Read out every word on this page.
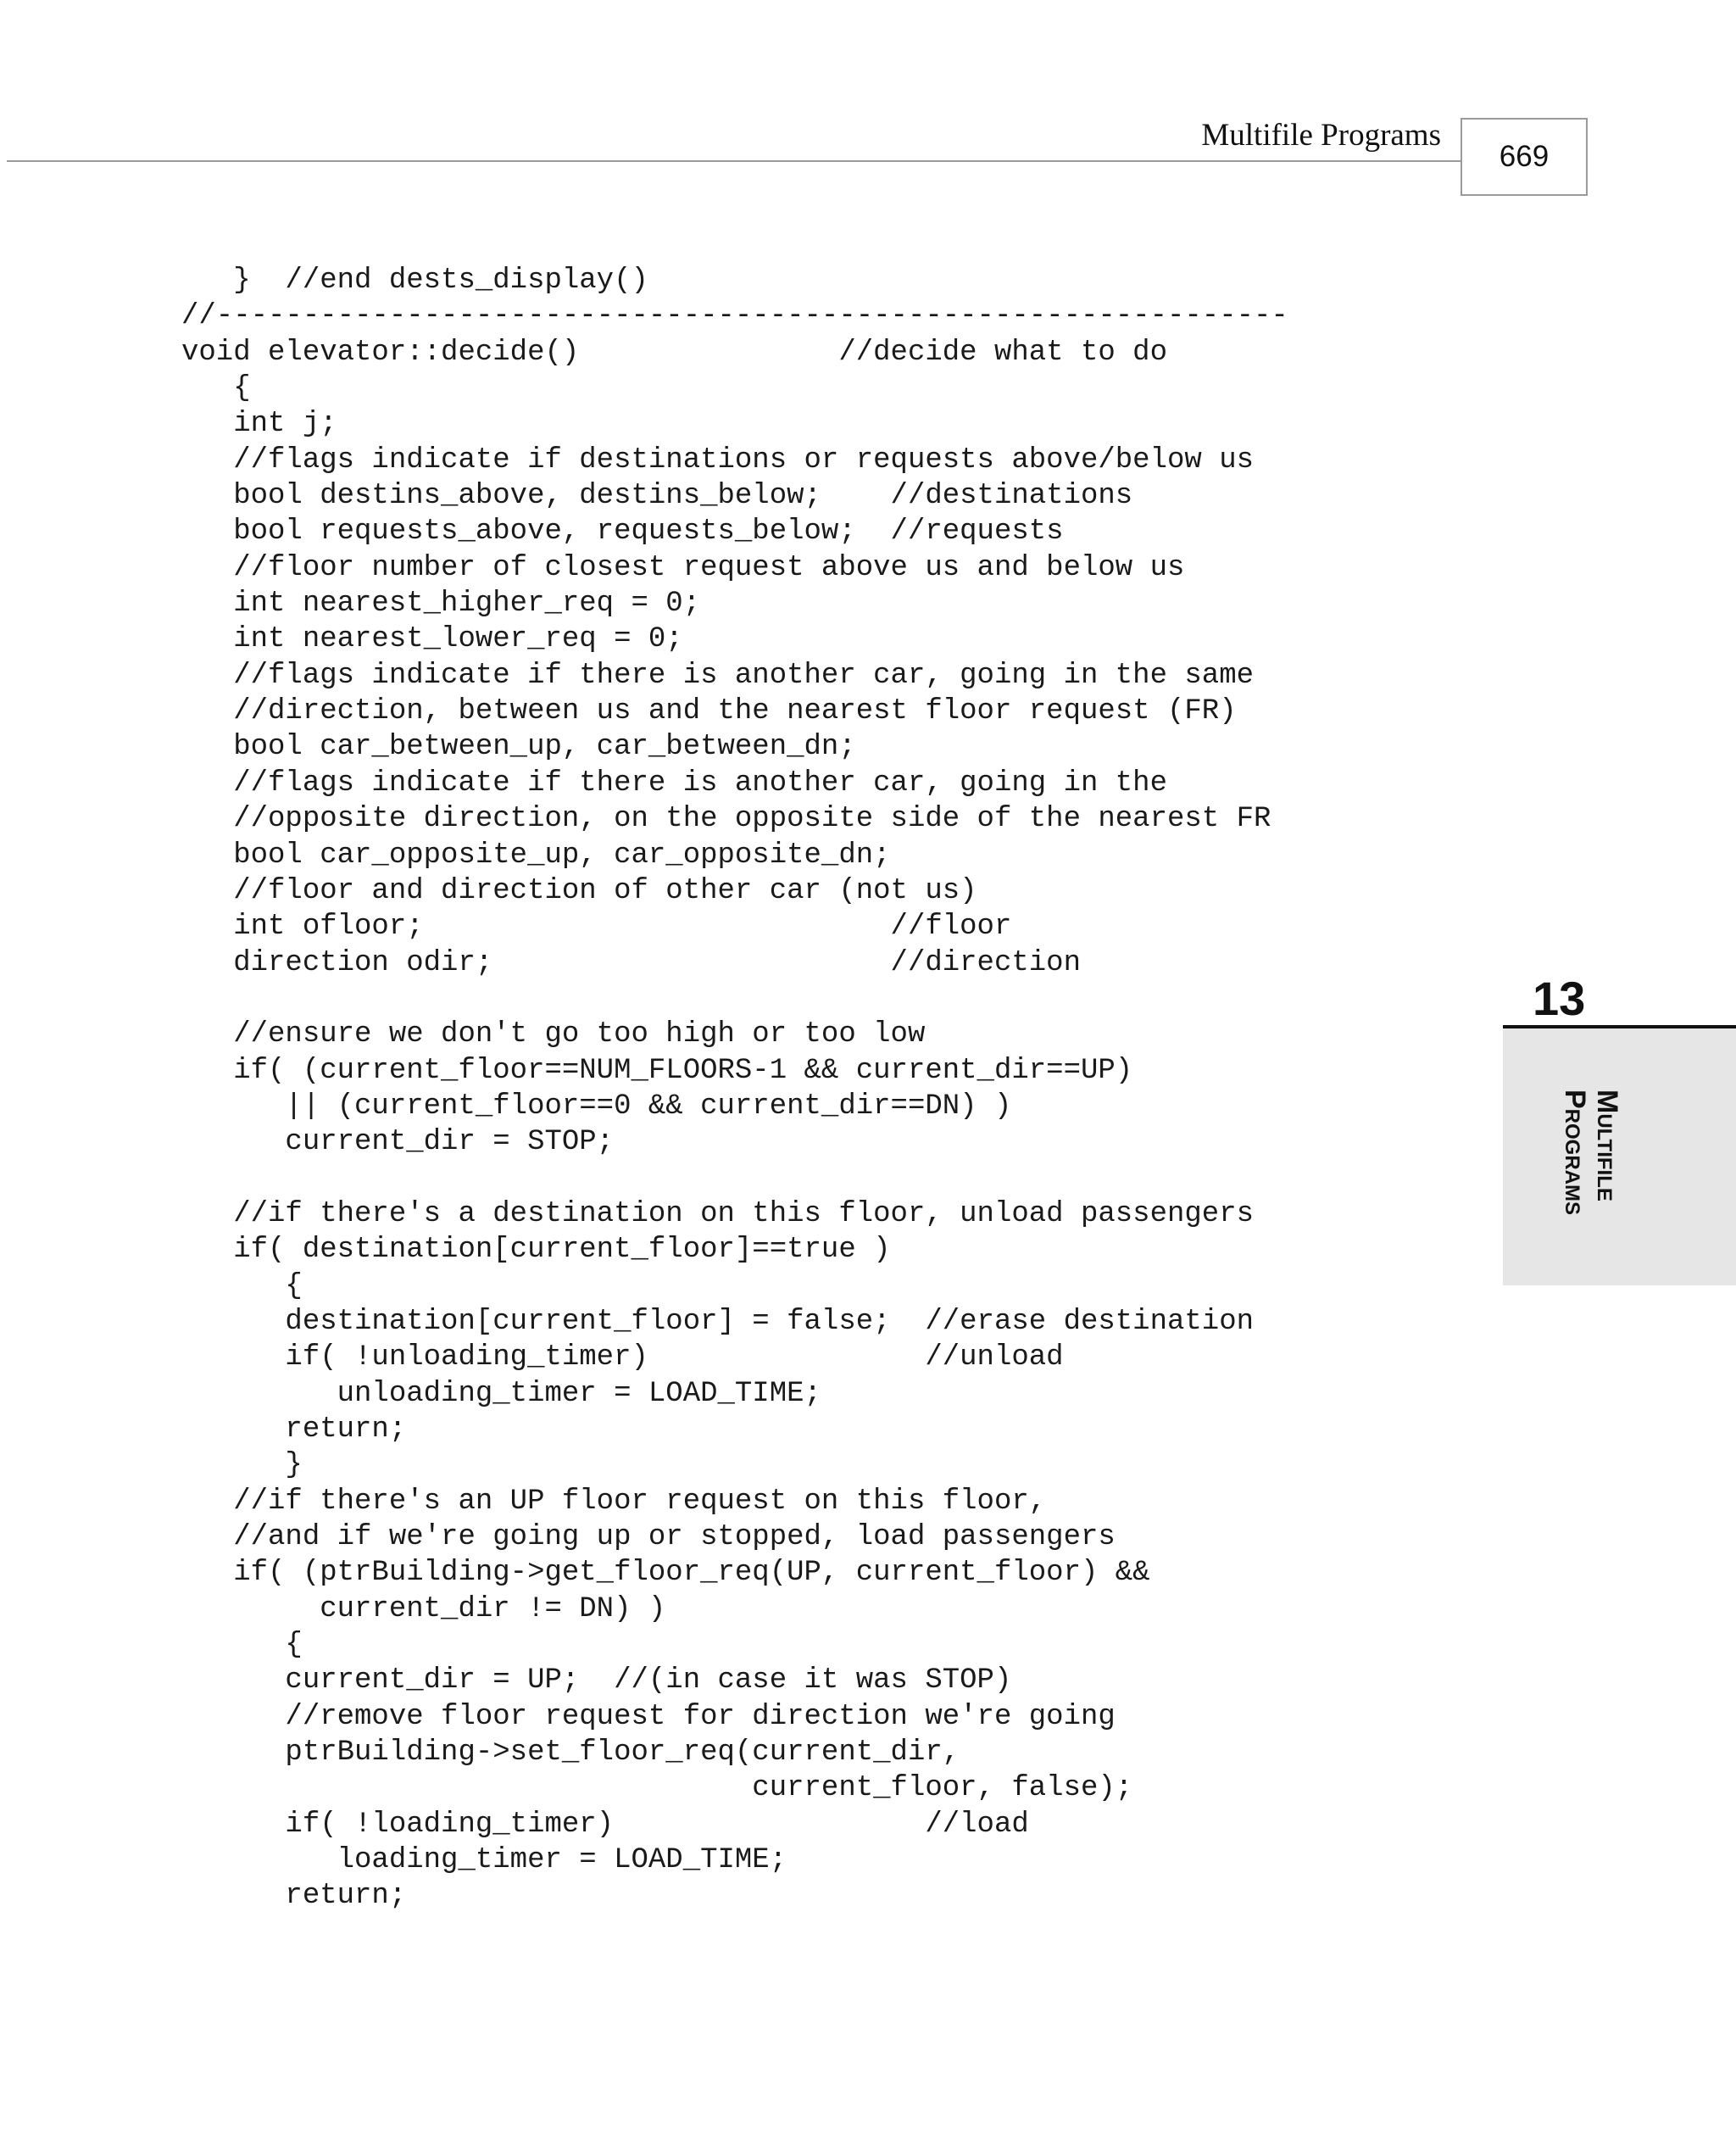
Multifile Programs
669
}  //end dests_display()
//--------------------------------------------------------------
void elevator::decide()               //decide what to do
{
int j;
//flags indicate if destinations or requests above/below us
bool destins_above, destins_below;    //destinations
bool requests_above, requests_below;  //requests
//floor number of closest request above us and below us
int nearest_higher_req = 0;
int nearest_lower_req = 0;
//flags indicate if there is another car, going in the same
//direction, between us and the nearest floor request (FR)
bool car_between_up, car_between_dn;
//flags indicate if there is another car, going in the
//opposite direction, on the opposite side of the nearest FR
bool car_opposite_up, car_opposite_dn;
//floor and direction of other car (not us)
int ofloor;                           //floor
direction odir;                       //direction
//ensure we don't go too high or too low
if( (current_floor==NUM_FLOORS-1 && current_dir==UP)
|| (current_floor==0 && current_dir==DN) )
current_dir = STOP;
//if there's a destination on this floor, unload passengers
if( destination[current_floor]==true )
{
destination[current_floor] = false;  //erase destination
if( !unloading_timer)                //unload
unloading_timer = LOAD_TIME;
return;
}
//if there's an UP floor request on this floor,
//and if we're going up or stopped, load passengers
if( (ptrBuilding->get_floor_req(UP, current_floor) &&
current_dir != DN) )
{
current_dir = UP;  //(in case it was STOP)
//remove floor request for direction we're going
ptrBuilding->set_floor_req(current_dir,
current_floor, false);
if( !loading_timer)                  //load
loading_timer = LOAD_TIME;
return;
13
Multifile
Programs
